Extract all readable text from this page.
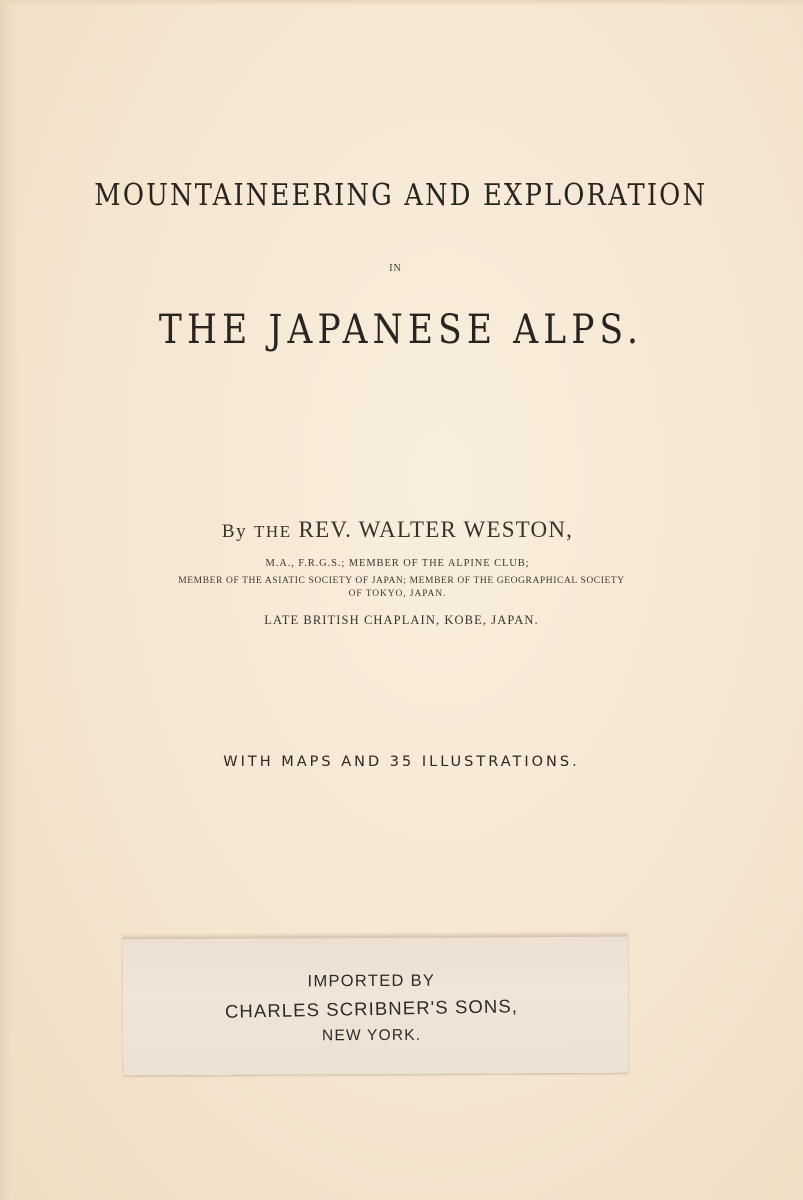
MOUNTAINEERING AND EXPLORATION
IN
THE JAPANESE ALPS.
By THE REV. WALTER WESTON,
M.A., F.R.G.S.; MEMBER OF THE ALPINE CLUB;
MEMBER OF THE ASIATIC SOCIETY OF JAPAN; MEMBER OF THE GEOGRAPHICAL SOCIETY
OF TOKYO, JAPAN.
LATE BRITISH CHAPLAIN, KOBE, JAPAN.
WITH MAPS AND 35 ILLUSTRATIONS.
IMPORTED BY
CHARLES SCRIBNER'S SONS,
NEW YORK.
